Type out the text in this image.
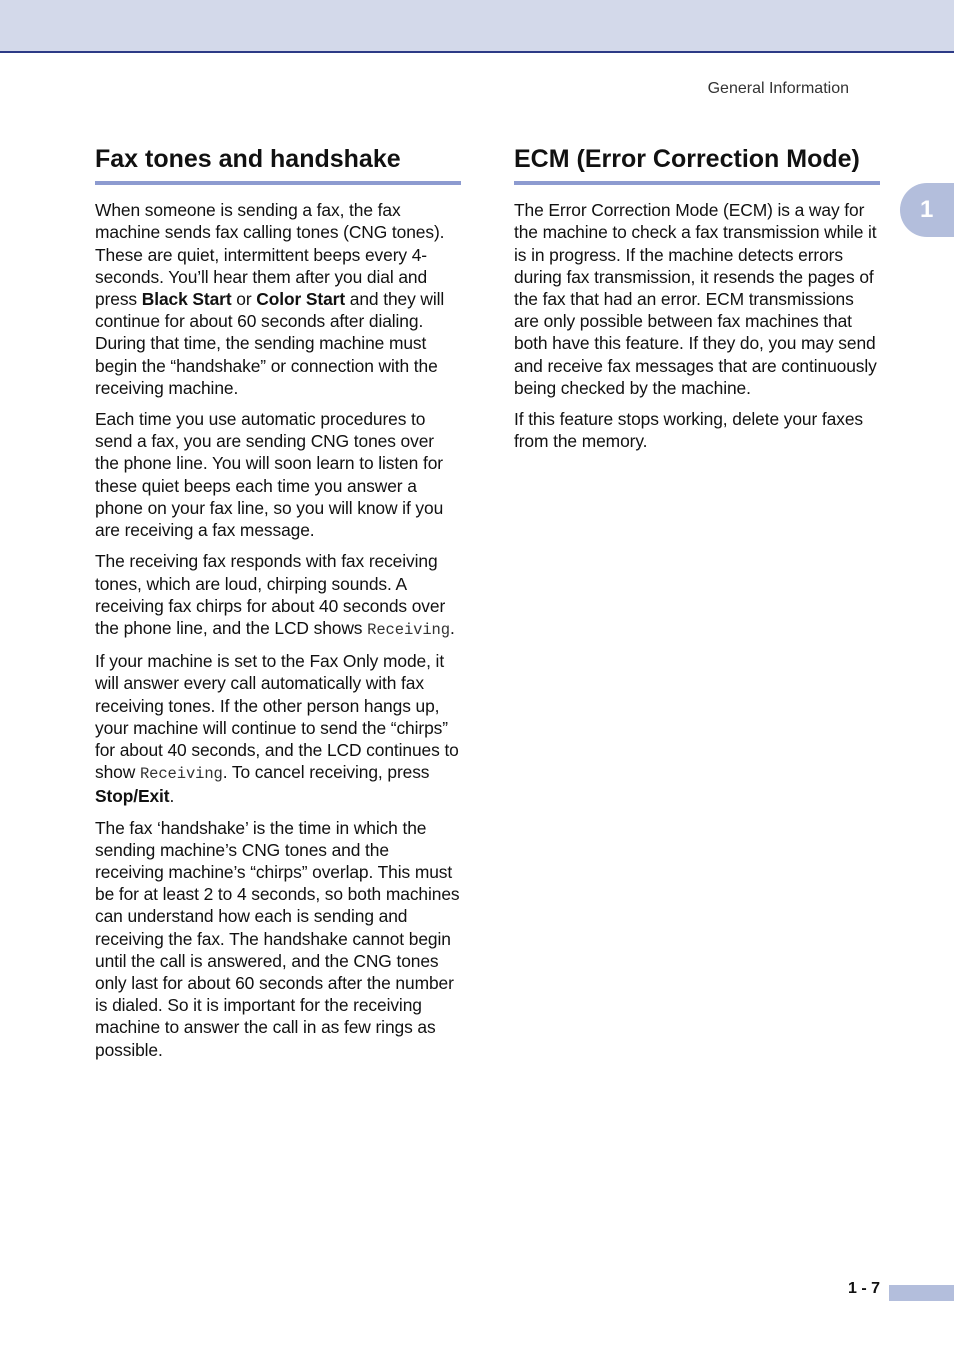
General Information
1
Fax tones and handshake

When someone is sending a fax, the fax machine sends fax calling tones (CNG tones). These are quiet, intermittent beeps every 4-seconds. You’ll hear them after you dial and press Black Start or Color Start and they will continue for about 60 seconds after dialing. During that time, the sending machine must begin the “handshake” or connection with the receiving machine.

Each time you use automatic procedures to send a fax, you are sending CNG tones over the phone line. You will soon learn to listen for these quiet beeps each time you answer a phone on your fax line, so you will know if you are receiving a fax message.

The receiving fax responds with fax receiving tones, which are loud, chirping sounds. A receiving fax chirps for about 40 seconds over the phone line, and the LCD shows Receiving.

If your machine is set to the Fax Only mode, it will answer every call automatically with fax receiving tones. If the other person hangs up, your machine will continue to send the “chirps” for about 40 seconds, and the LCD continues to show Receiving. To cancel receiving, press Stop/Exit.

The fax ‘handshake’ is the time in which the sending machine’s CNG tones and the receiving machine’s “chirps” overlap. This must be for at least 2 to 4 seconds, so both machines can understand how each is sending and receiving the fax. The handshake cannot begin until the call is answered, and the CNG tones only last for about 60 seconds after the number is dialed. So it is important for the receiving machine to answer the call in as few rings as possible.

ECM (Error Correction Mode)

The Error Correction Mode (ECM) is a way for the machine to check a fax transmission while it is in progress. If the machine detects errors during fax transmission, it resends the pages of the fax that had an error. ECM transmissions are only possible between fax machines that both have this feature. If they do, you may send and receive fax messages that are continuously being checked by the machine.

If this feature stops working, delete your faxes from the memory.

1 - 7
